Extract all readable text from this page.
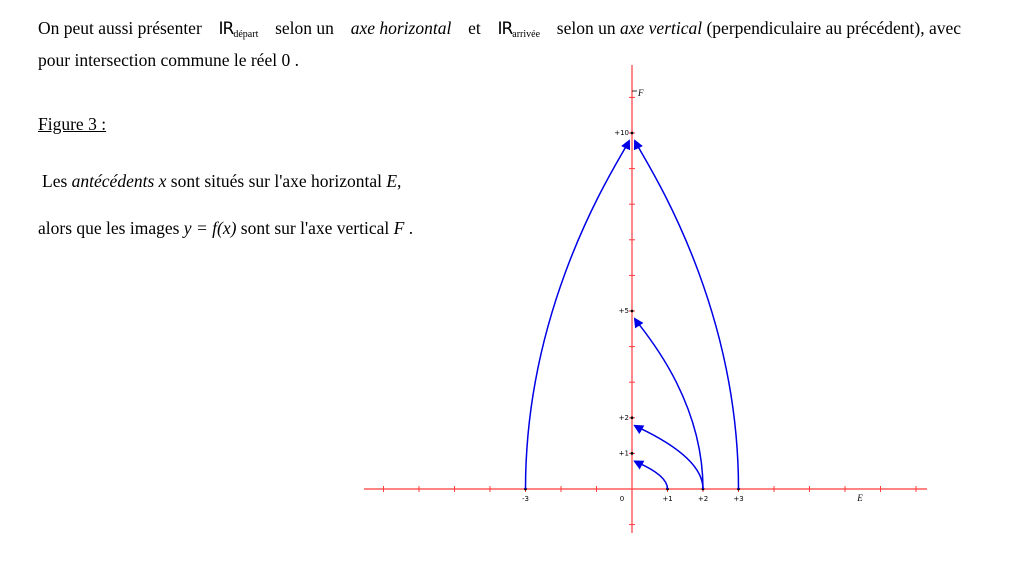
On peut aussi présenter $IR_{départ}$ selon un axe horizontal et $IR_{arrivée}$ selon un axe vertical (perpendiculaire au précédent), avec
pour intersection commune le réel 0 .
Figure 3 :
Les antécédents x sont situés sur l'axe horizontal E,
alors que les images y = f(x) sont sur l'axe vertical F .
-3	+1	+2	+3
+1
+2
+5
+10
0	E
F
